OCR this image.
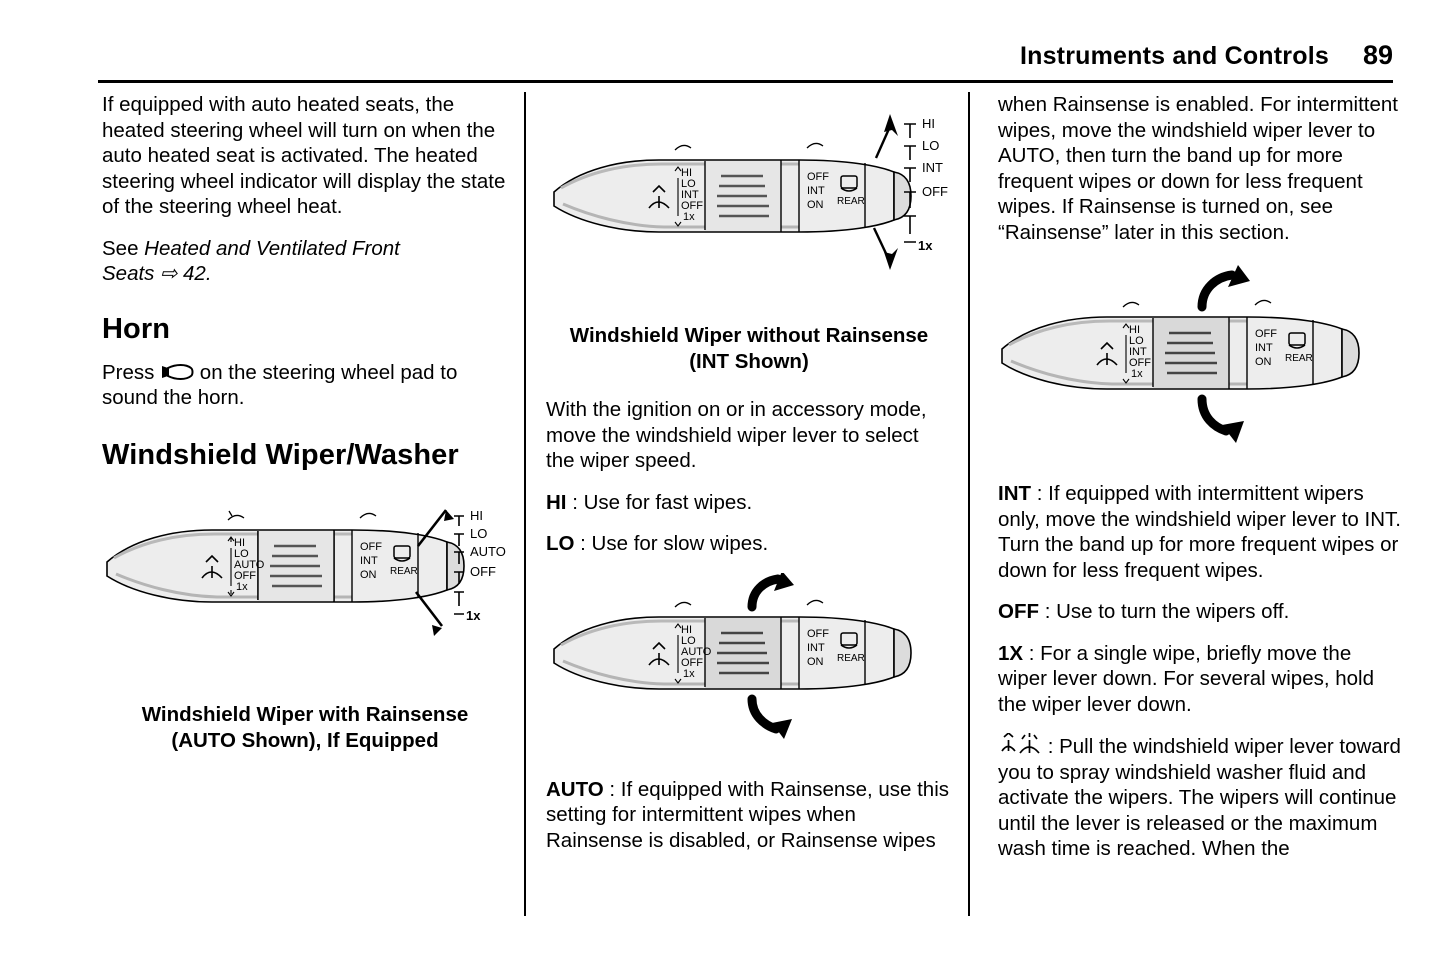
Instruments and Controls 89

If equipped with auto heated seats, the heated steering wheel will turn on when the auto heated seat is activated. The heated steering wheel indicator will display the state of the steering wheel heat.

See Heated and Ventilated Front Seats ⇨ 42.

Horn

Press
on the steering wheel pad to sound the horn.

Windshield Wiper/Washer
HI
LO
AUTO
OFF
1x
OFF
INT
ON REAR
HI
LO
AUTO
OFF
1x
Windshield Wiper with Rainsense (AUTO Shown), If Equipped
HI
LO
INT
OFF
1x
OFF
INT
ON REAR
HI
LO
INT
OFF
1x
Windshield Wiper without Rainsense (INT Shown)

With the ignition on or in accessory mode, move the windshield wiper lever to select the wiper speed.

HI : Use for fast wipes.

LO : Use for slow wipes.

HI
LO
AUTO
OFF
1x
OFF
INT
ON REAR

AUTO : If equipped with Rainsense, use this setting for intermittent wipes when Rainsense is disabled, or Rainsense wipes

when Rainsense is enabled. For intermittent wipes, move the windshield wiper lever to AUTO, then turn the band up for more frequent wipes or down for less frequent wipes. If Rainsense is turned on, see “Rainsense” later in this section.

HI
LO
INT
OFF
1x
OFF
INT
ON REAR

INT : If equipped with intermittent wipers only, move the windshield wiper lever to INT. Turn the band up for more frequent wipes or down for less frequent wipes.

OFF : Use to turn the wipers off.

1X : For a single wipe, briefly move the wiper lever down. For several wipes, hold the wiper lever down.

: Pull the windshield wiper lever toward you to spray windshield washer fluid and activate the wipers. The wipers will continue until the lever is released or the maximum wash time is reached. When the
